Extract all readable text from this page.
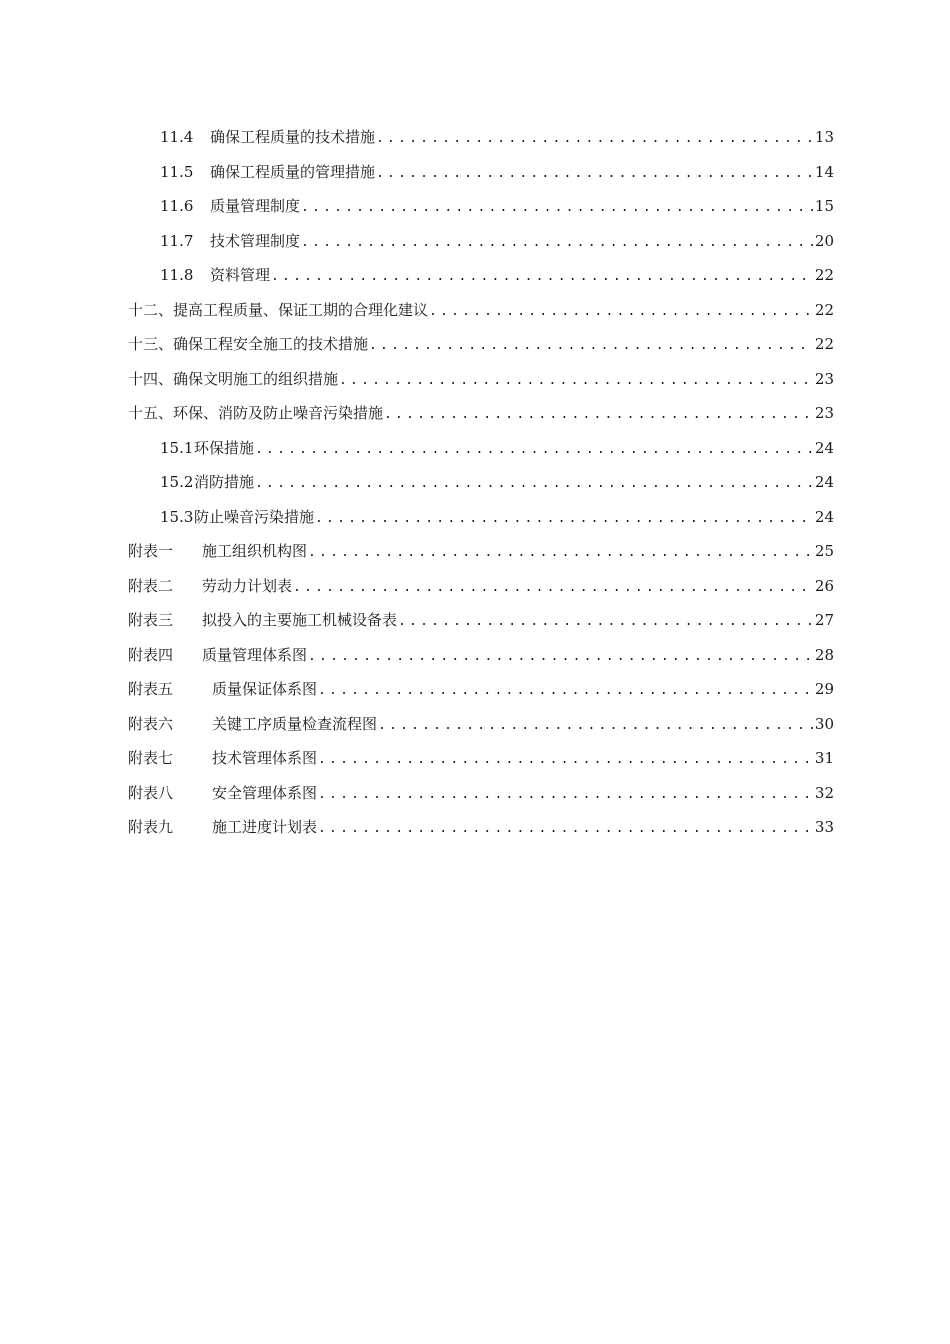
11.4	确保工程质量的技术措施 .....	13
11.5	确保工程质量的管理措施 .....	14
11.6	质量管理制度 .....	15
11.7	技术管理制度 .....	20
11.8	资料管理 .....	22
十二、提高工程质量、保证工期的合理化建议 .....	22
十三、确保工程安全施工的技术措施 .....	22
十四、确保文明施工的组织措施 .....	23
十五、环保、消防及防止噪音污染措施 .....	23
15.1 环保措施 .....	24
15.2 消防措施 .....	24
15.3 防止噪音污染措施 .....	24
附表一	施工组织机构图 .....	25
附表二	劳动力计划表 .....	26
附表三	拟投入的主要施工机械设备表 .....	27
附表四	质量管理体系图 .....	28
附表五	质量保证体系图 .....	29
附表六	关键工序质量检查流程图 .....	30
附表七	技术管理体系图 .....	31
附表八	安全管理体系图 .....	32
附表九	施工进度计划表 .....	33
